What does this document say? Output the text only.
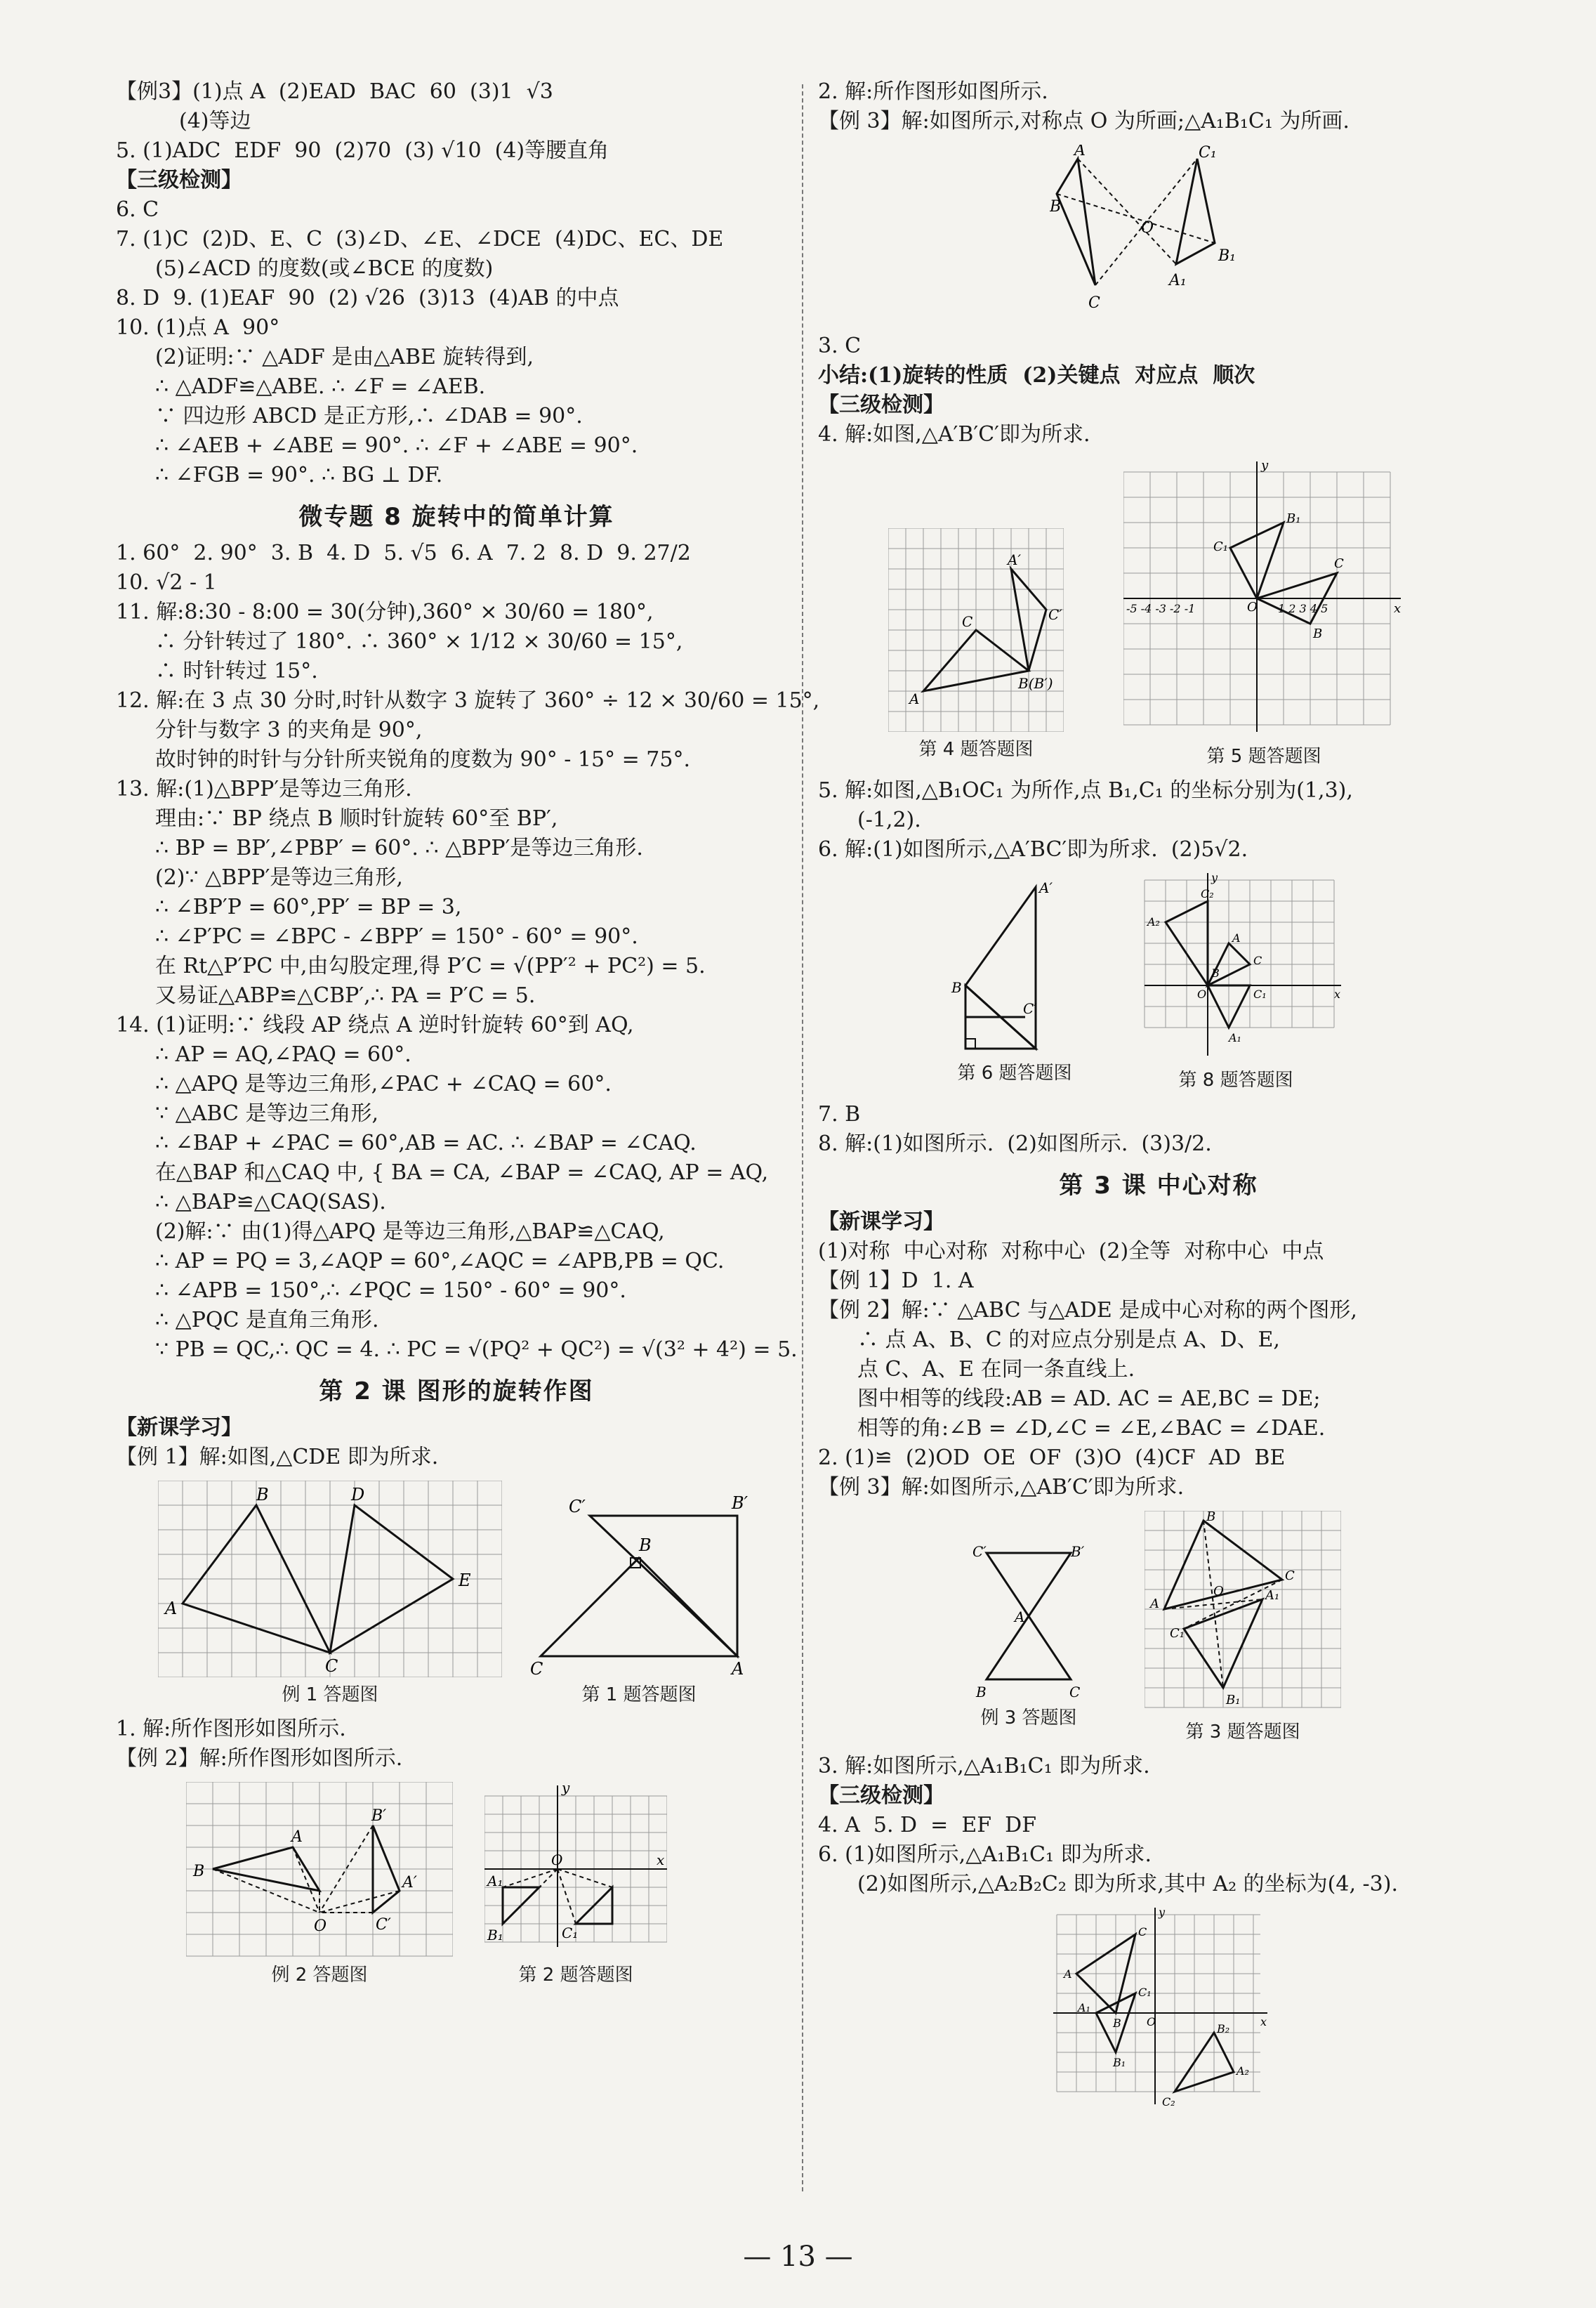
【例3】(1)点 A  (2)EAD  BAC  60  (3)1  √3
(4)等边
5. (1)ADC  EDF  90  (2)70  (3) √10  (4)等腰直角
【三级检测】
6. C
7. (1)C  (2)D、E、C  (3)∠D、∠E、∠DCE  (4)DC、EC、DE
(5)∠ACD 的度数(或∠BCE 的度数)
8. D  9. (1)EAF  90  (2) √26  (3)13  (4)AB 的中点
10. (1)点 A  90°
(2)证明:∵ △ADF 是由△ABE 旋转得到,
∴ △ADF≌△ABE. ∴ ∠F = ∠AEB.
∵ 四边形 ABCD 是正方形,∴ ∠DAB = 90°.
∴ ∠AEB + ∠ABE = 90°. ∴ ∠F + ∠ABE = 90°.
∴ ∠FGB = 90°. ∴ BG ⊥ DF.
微专题 8 旋转中的简单计算
1. 60°  2. 90°  3. B  4. D  5. √5  6. A  7. 2  8. D  9. 27/2
10. √2 - 1
11. 解:8:30 - 8:00 = 30(分钟),360° × 30/60 = 180°,
∴ 分针转过了 180°. ∴ 360° × 1/12 × 30/60 = 15°,
∴ 时针转过 15°.
12. 解:在 3 点 30 分时,时针从数字 3 旋转了 360° ÷ 12 × 30/60 = 15°,
分针与数字 3 的夹角是 90°,
故时钟的时针与分针所夹锐角的度数为 90° - 15° = 75°.
13. 解:(1)△BPP′是等边三角形.
理由:∵ BP 绕点 B 顺时针旋转 60°至 BP′,
∴ BP = BP′,∠PBP′ = 60°. ∴ △BPP′是等边三角形.
(2)∵ △BPP′是等边三角形,
∴ ∠BP′P = 60°,PP′ = BP = 3,
∴ ∠P′PC = ∠BPC - ∠BPP′ = 150° - 60° = 90°.
在 Rt△P′PC 中,由勾股定理,得 P′C = √(PP′² + PC²) = 5.
又易证△ABP≌△CBP′,∴ PA = P′C = 5.
14. (1)证明:∵ 线段 AP 绕点 A 逆时针旋转 60°到 AQ,
∴ AP = AQ,∠PAQ = 60°.
∴ △APQ 是等边三角形,∠PAC + ∠CAQ = 60°.
∵ △ABC 是等边三角形,
∴ ∠BAP + ∠PAC = 60°,AB = AC. ∴ ∠BAP = ∠CAQ.
在△BAP 和△CAQ 中, { BA = CA, ∠BAP = ∠CAQ, AP = AQ,
∴ △BAP≌△CAQ(SAS).
(2)解:∵ 由(1)得△APQ 是等边三角形,△BAP≌△CAQ,
∴ AP = PQ = 3,∠AQP = 60°,∠AQC = ∠APB,PB = QC.
∴ ∠APB = 150°,∴ ∠PQC = 150° - 60° = 90°.
∴ △PQC 是直角三角形.
∵ PB = QC,∴ QC = 4. ∴ PC = √(PQ² + QC²) = √(3² + 4²) = 5.
第 2 课 图形的旋转作图
【新课学习】
【例 1】解:如图,△CDE 即为所求.
A
B
C
D
E
例 1 答题图

C	A
B
C′	B′
第 1 题答题图
1. 解:所作图形如图所示.
【例 2】解:所作图形如图所示.
B
A
O
B′
A′
C′
例 2 答题图

y
x
O
A₁
B₁	C₁
第 2 题答题图
2. 解:所作图形如图所示.
【例 3】解:如图所示,对称点 O 为所画;△A₁B₁C₁ 为所画.
A
B
C
C₁
B₁
A₁
O
3. C
小结:(1)旋转的性质  (2)关键点  对应点  顺次
【三级检测】
4. 解:如图,△A′B′C′即为所求.
A
C
B(B′)
A′
C′
第 4 题答题图

y
x
O
B₁
C₁
C
B
-5 -4 -3 -2 -1	1 2 3 4 5
第 5 题答题图
5. 解:如图,△B₁OC₁ 为所作,点 B₁,C₁ 的坐标分别为(1,3),
(-1,2).
6. 解:(1)如图所示,△A′BC′即为所求.  (2)5√2.
A′
B
C′
第 6 题答题图

y
x
O
A₂
C₂
A
C
B
C₁
A₁
第 8 题答题图
7. B
8. 解:(1)如图所示.  (2)如图所示.  (3)3/2.
第 3 课 中心对称
【新课学习】
(1)对称  中心对称  对称中心  (2)全等  对称中心  中点
【例 1】D  1. A
【例 2】解:∵ △ABC 与△ADE 是成中心对称的两个图形,
∴ 点 A、B、C 的对应点分别是点 A、D、E,
点 C、A、E 在同一条直线上.
图中相等的线段:AB = AD. AC = AE,BC = DE;
相等的角:∠B = ∠D,∠C = ∠E,∠BAC = ∠DAE.
2. (1)≌  (2)OD  OE  OF  (3)O  (4)CF  AD  BE
【例 3】解:如图所示,△AB′C′即为所求.
C′	B′
A
B	C
例 3 答题图

B
C
A
A₁
C₁
B₁
O
第 3 题答题图
3. 解:如图所示,△A₁B₁C₁ 即为所求.
【三级检测】
4. A  5. D  =  EF  DF
6. (1)如图所示,△A₁B₁C₁ 即为所求.
(2)如图所示,△A₂B₂C₂ 即为所求,其中 A₂ 的坐标为(4, -3).
y
x
O
A
C
B
A₁
C₁
B₁
B₂
A₂
C₂
— 13 —
